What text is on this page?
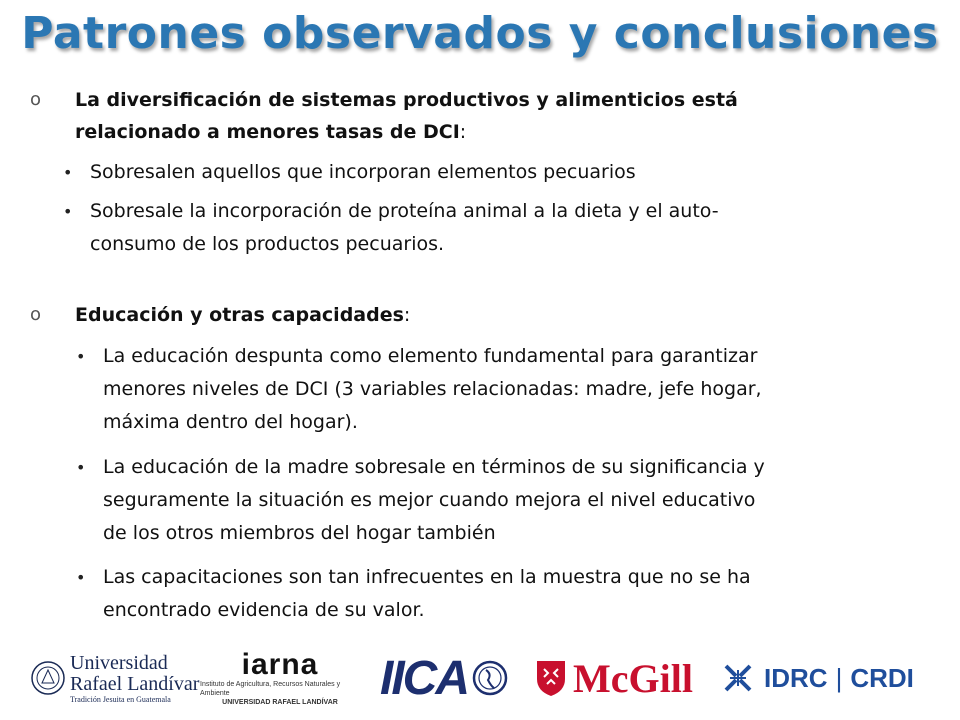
Patrones observados y conclusiones
o La diversificación de sistemas productivos y alimenticios está
relacionado a menores tasas de DCI:
• Sobresalen aquellos que incorporan elementos pecuarios
• Sobresale la incorporación de proteína animal a la dieta y el auto-
consumo de los productos pecuarios.
o Educación y otras capacidades:
• La educación despunta como elemento fundamental para garantizar
menores niveles de DCI (3 variables relacionadas: madre, jefe hogar,
máxima dentro del hogar).
• La educación de la madre sobresale en términos de su significancia y
seguramente la situación es mejor cuando mejora el nivel educativo
de los otros miembros del hogar también
• Las capacitaciones son tan infrecuentes en la muestra que no se ha
encontrado evidencia de su valor.
Universidad
Rafael Landívar
Tradición Jesuita en Guatemala
iarna
Instituto de Agricultura, Recursos Naturales y Ambiente
UNIVERSIDAD RAFAEL LANDÍVAR IICA	McGill	IDRC | CRDI
